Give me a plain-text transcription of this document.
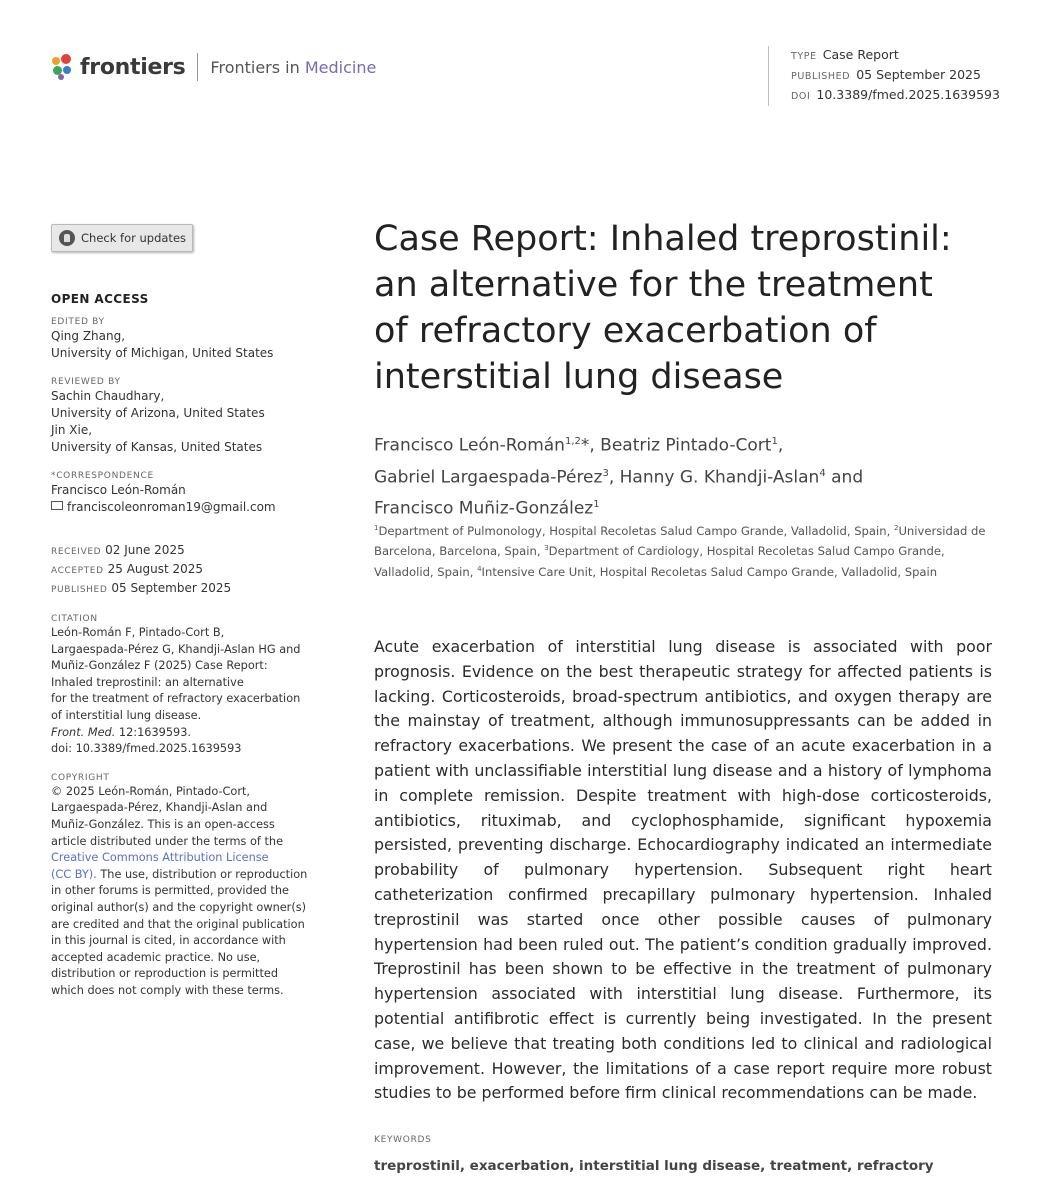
frontiers Frontiers in Medicine
TYPE Case Report
PUBLISHED 05 September 2025
DOI 10.3389/fmed.2025.1639593
Check for updates
OPEN ACCESS
EDITED BY
Qing Zhang,
University of Michigan, United States
REVIEWED BY
Sachin Chaudhary,
University of Arizona, United States
Jin Xie,
University of Kansas, United States
*CORRESPONDENCE
Francisco León-Román
franciscoleonroman19@gmail.com
RECEIVED 02 June 2025
ACCEPTED 25 August 2025
PUBLISHED 05 September 2025
CITATION
León-Román F, Pintado-Cort B,
Largaespada-Pérez G, Khandji-Aslan HG and
Muñiz-González F (2025) Case Report:
Inhaled treprostinil: an alternative
for the treatment of refractory exacerbation
of interstitial lung disease.
Front. Med. 12:1639593.
doi: 10.3389/fmed.2025.1639593
COPYRIGHT
© 2025 León-Román, Pintado-Cort,
Largaespada-Pérez, Khandji-Aslan and
Muñiz-González. This is an open-access
article distributed under the terms of the
Creative Commons Attribution License
(CC BY). The use, distribution or reproduction
in other forums is permitted, provided the
original author(s) and the copyright owner(s)
are credited and that the original publication
in this journal is cited, in accordance with
accepted academic practice. No use,
distribution or reproduction is permitted
which does not comply with these terms.
Case Report: Inhaled treprostinil:
an alternative for the treatment
of refractory exacerbation of
interstitial lung disease
Francisco León-Román$^{1,2}$*, Beatriz Pintado-Cort$^1$,
Gabriel Largaespada-Pérez$^3$, Hanny G. Khandji-Aslan$^4$ and
Francisco Muñiz-González$^1$
$^1$Department of Pulmonology, Hospital Recoletas Salud Campo Grande, Valladolid, Spain, $^2$Universidad de Barcelona, Barcelona, Spain, $^3$Department of Cardiology, Hospital Recoletas Salud Campo Grande, Valladolid, Spain, $^4$Intensive Care Unit, Hospital Recoletas Salud Campo Grande, Valladolid, Spain

Acute exacerbation of interstitial lung disease is associated with poor prognosis. Evidence on the best therapeutic strategy for affected patients is lacking. Corticosteroids, broad-spectrum antibiotics, and oxygen therapy are the mainstay of treatment, although immunosuppressants can be added in refractory exacerbations. We present the case of an acute exacerbation in a patient with unclassifiable interstitial lung disease and a history of lymphoma in complete remission. Despite treatment with high-dose corticosteroids, antibiotics, rituximab, and cyclophosphamide, significant hypoxemia persisted, preventing discharge. Echocardiography indicated an intermediate probability of pulmonary hypertension. Subsequent right heart catheterization confirmed precapillary pulmonary hypertension. Inhaled treprostinil was started once other possible causes of pulmonary hypertension had been ruled out. The patient’s condition gradually improved. Treprostinil has been shown to be effective in the treatment of pulmonary hypertension associated with interstitial lung disease. Furthermore, its potential antifibrotic effect is currently being investigated. In the present case, we believe that treating both conditions led to clinical and radiological improvement. However, the limitations of a case report require more robust studies to be performed before firm clinical recommendations can be made.

KEYWORDS
treprostinil, exacerbation, interstitial lung disease, treatment, refractory
